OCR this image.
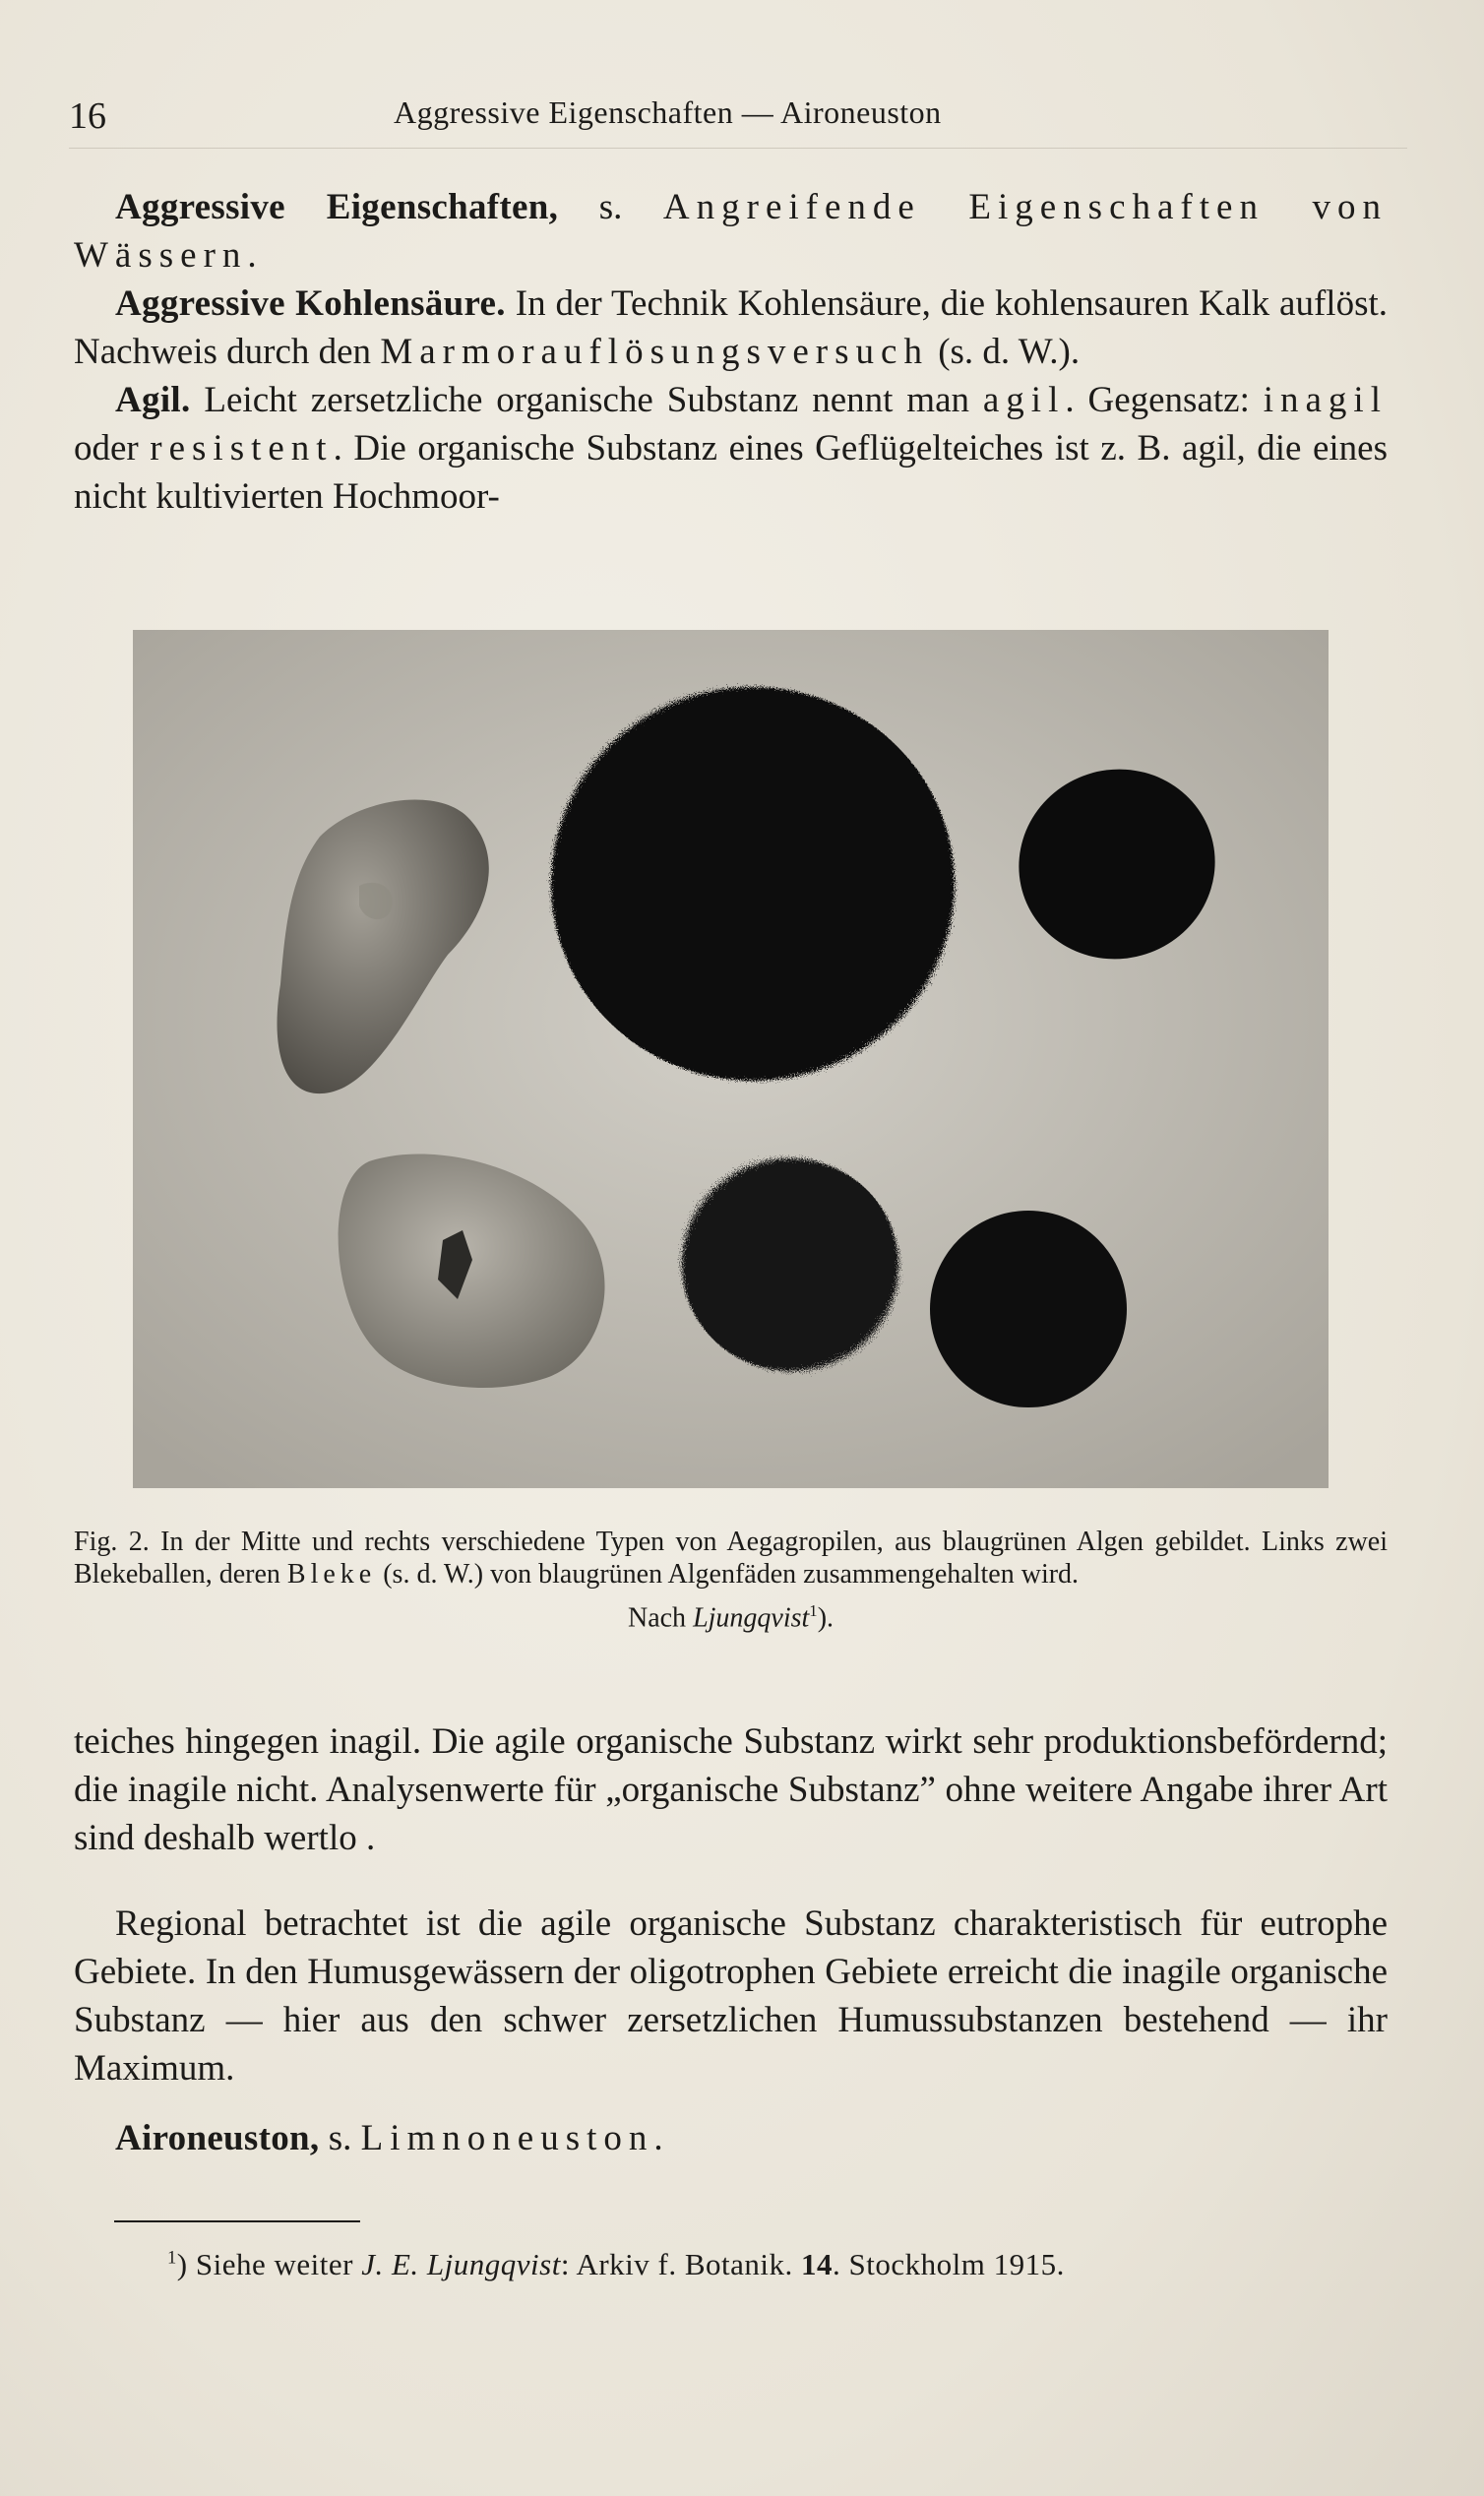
16	Aggressive Eigenschaften — Aironeuston

Aggressive Eigenschaften, s. Angreifende Eigenschaften von Wässern.

Aggressive Kohlensäure. In der Technik Kohlensäure, die kohlensauren Kalk auflöst. Nachweis durch den Marmorauflösungsversuch (s. d. W.).

Agil. Leicht zersetzliche organische Substanz nennt man agil. Gegensatz: inagil oder resistent. Die organische Substanz eines Geflügelteiches ist z. B. agil, die eines nicht kultivierten Hochmoor-

Fig. 2. In der Mitte und rechts verschiedene Typen von Aegagropilen, aus blaugrünen Algen gebildet. Links zwei Blekeballen, deren Bleke (s. d. W.) von blaugrünen Algenfäden zusammengehalten wird.

Nach Ljungqvist$^1$).

teiches hingegen inagil. Die agile organische Substanz wirkt sehr produktionsbefördernd; die inagile nicht. Analysenwerte für „organische Substanz” ohne weitere Angabe ihrer Art sind deshalb wertlo .

Regional betrachtet ist die agile organische Substanz charakteristisch für eutrophe Gebiete. In den Humusgewässern der oligotrophen Gebiete erreicht die inagile organische Substanz — hier aus den schwer zersetzlichen Humussubstanzen bestehend — ihr Maximum.

Aironeuston, s. Limnoneuston.

$^1$) Siehe weiter J. E. Ljungqvist: Arkiv f. Botanik. 14. Stockholm 1915.
